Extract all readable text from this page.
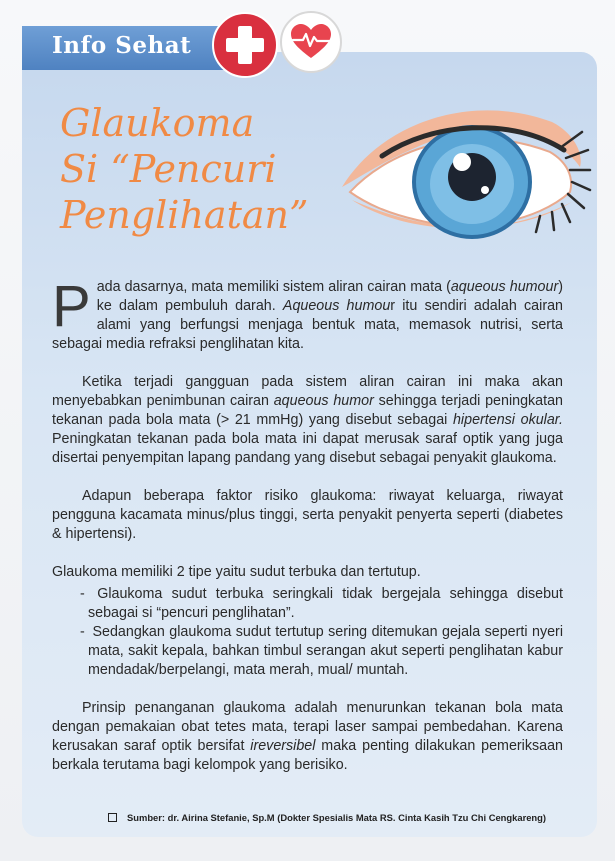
Info Sehat
Glaukoma
Si “Pencuri
Penglihatan”

Pada dasarnya, mata memiliki sistem aliran cairan mata (aqueous humour) ke dalam pembuluh darah. Aqueous humour itu sendiri adalah cairan alami yang berfungsi menjaga bentuk mata, memasok nutrisi, serta sebagai media refraksi penglihatan kita.

Ketika terjadi gangguan pada sistem aliran cairan ini maka akan menyebabkan penimbunan cairan aqueous humor sehingga terjadi peningkatan tekanan pada bola mata (> 21 mmHg) yang disebut sebagai hipertensi okular. Peningkatan tekanan pada bola mata ini dapat merusak saraf optik yang juga disertai penyempitan lapang pandang yang disebut sebagai penyakit glaukoma.

Adapun beberapa faktor risiko glaukoma: riwayat keluarga, riwayat pengguna kacamata minus/plus tinggi, serta penyakit penyerta seperti (diabetes & hipertensi).

Glaukoma memiliki 2 tipe yaitu sudut terbuka dan tertutup.

- Glaukoma sudut terbuka seringkali tidak bergejala sehingga disebut sebagai si “pencuri penglihatan”.
- Sedangkan glaukoma sudut tertutup sering ditemukan gejala seperti nyeri mata, sakit kepala, bahkan timbul serangan akut seperti penglihatan kabur mendadak/berpelangi, mata merah, mual/ muntah.

Prinsip penanganan glaukoma adalah menurunkan tekanan bola mata dengan pemakaian obat tetes mata, terapi laser sampai pembedahan. Karena kerusakan saraf optik bersifat ireversibel maka penting dilakukan pemeriksaan berkala terutama bagi kelompok yang berisiko.

Sumber: dr. Airina Stefanie, Sp.M (Dokter Spesialis Mata RS. Cinta Kasih Tzu Chi Cengkareng)
